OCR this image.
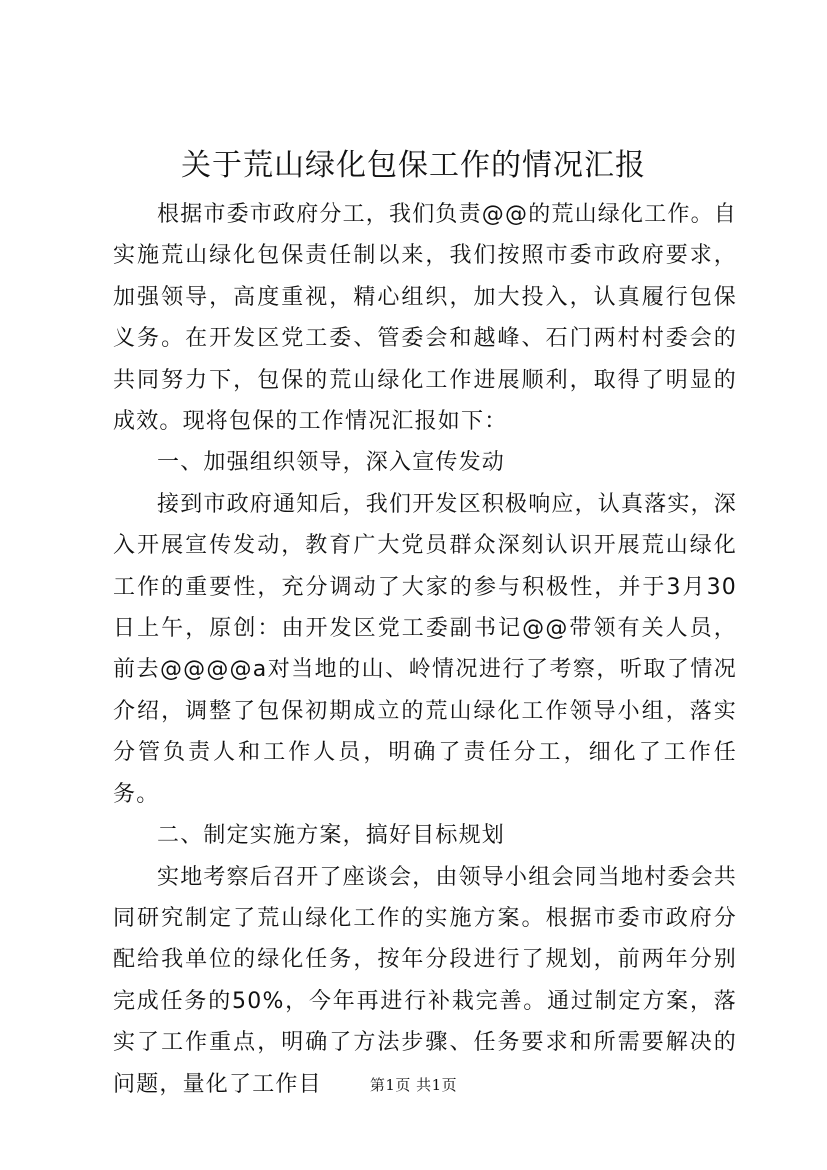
关于荒山绿化包保工作的情况汇报

根据市委市政府分工，我们负责@@的荒山绿化工作。自实施荒山绿化包保责任制以来，我们按照市委市政府要求，加强领导，高度重视，精心组织，加大投入，认真履行包保义务。在开发区党工委、管委会和越峰、石门两村村委会的共同努力下，包保的荒山绿化工作进展顺利，取得了明显的成效。现将包保的工作情况汇报如下：

一、加强组织领导，深入宣传发动

接到市政府通知后，我们开发区积极响应，认真落实，深入开展宣传发动，教育广大党员群众深刻认识开展荒山绿化工作的重要性，充分调动了大家的参与积极性，并于3月30日上午，原创：由开发区党工委副书记@@带领有关人员，前去@@@@a对当地的山、岭情况进行了考察，听取了情况介绍，调整了包保初期成立的荒山绿化工作领导小组，落实分管负责人和工作人员，明确了责任分工，细化了工作任务。

二、制定实施方案，搞好目标规划

实地考察后召开了座谈会，由领导小组会同当地村委会共同研究制定了荒山绿化工作的实施方案。根据市委市政府分配给我单位的绿化任务，按年分段进行了规划，前两年分别完成任务的50%，今年再进行补栽完善。通过制定方案，落实了工作重点，明确了方法步骤、任务要求和所需要解决的问题，量化了工作目	第1页 共1页
